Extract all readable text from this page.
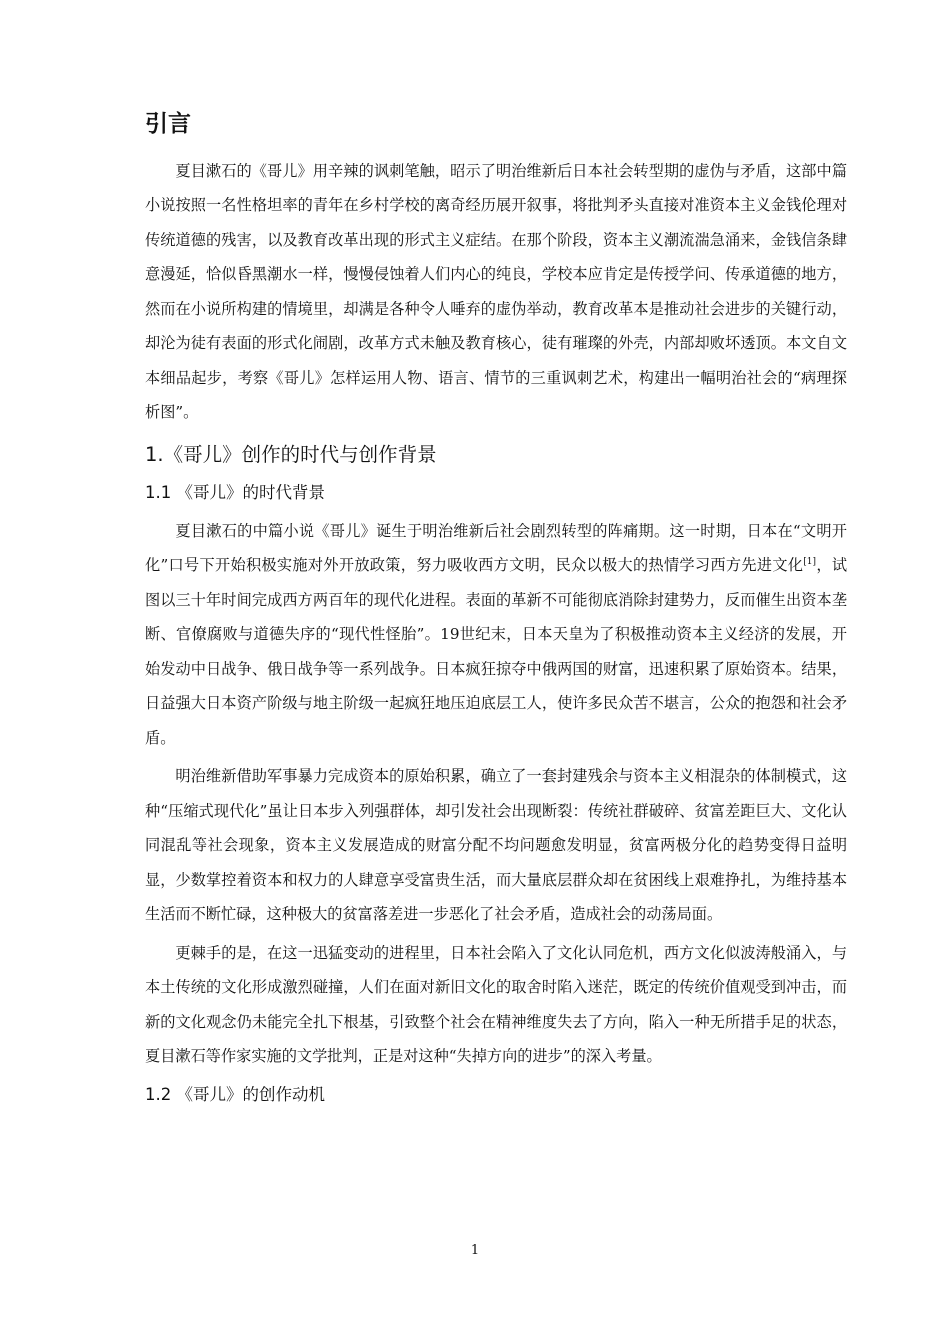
引言

夏目漱石的《哥儿》用辛辣的讽刺笔触，昭示了明治维新后日本社会转型期的虚伪与矛盾，这部中篇小说按照一名性格坦率的青年在乡村学校的离奇经历展开叙事，将批判矛头直接对准资本主义金钱伦理对传统道德的残害，以及教育改革出现的形式主义症结。在那个阶段，资本主义潮流湍急涌来，金钱信条肆意漫延，恰似昏黑潮水一样，慢慢侵蚀着人们内心的纯良，学校本应肯定是传授学问、传承道德的地方，然而在小说所构建的情境里，却满是各种令人唾弃的虚伪举动，教育改革本是推动社会进步的关键行动，却沦为徒有表面的形式化闹剧，改革方式未触及教育核心，徒有璀璨的外壳，内部却败坏透顶。本文自文本细品起步，考察《哥儿》怎样运用人物、语言、情节的三重讽刺艺术，构建出一幅明治社会的“病理探析图”。

1.《哥儿》创作的时代与创作背景
1.1 《哥儿》的时代背景

夏目漱石的中篇小说《哥儿》诞生于明治维新后社会剧烈转型的阵痛期。这一时期，日本在“文明开化”口号下开始积极实施对外开放政策，努力吸收西方文明，民众以极大的热情学习西方先进文化[1]，试图以三十年时间完成西方两百年的现代化进程。表面的革新不可能彻底消除封建势力，反而催生出资本垄断、官僚腐败与道德失序的“现代性怪胎”。19世纪末，日本天皇为了积极推动资本主义经济的发展，开始发动中日战争、俄日战争等一系列战争。日本疯狂掠夺中俄两国的财富，迅速积累了原始资本。结果，日益强大日本资产阶级与地主阶级一起疯狂地压迫底层工人，使许多民众苦不堪言，公众的抱怨和社会矛盾。

明治维新借助军事暴力完成资本的原始积累，确立了一套封建残余与资本主义相混杂的体制模式，这种“压缩式现代化”虽让日本步入列强群体，却引发社会出现断裂：传统社群破碎、贫富差距巨大、文化认同混乱等社会现象，资本主义发展造成的财富分配不均问题愈发明显，贫富两极分化的趋势变得日益明显，少数掌控着资本和权力的人肆意享受富贵生活，而大量底层群众却在贫困线上艰难挣扎，为维持基本生活而不断忙碌，这种极大的贫富落差进一步恶化了社会矛盾，造成社会的动荡局面。

更棘手的是，在这一迅猛变动的进程里，日本社会陷入了文化认同危机，西方文化似波涛般涌入，与本土传统的文化形成激烈碰撞，人们在面对新旧文化的取舍时陷入迷茫，既定的传统价值观受到冲击，而新的文化观念仍未能完全扎下根基，引致整个社会在精神维度失去了方向，陷入一种无所措手足的状态，夏目漱石等作家实施的文学批判，正是对这种“失掉方向的进步”的深入考量。

1.2 《哥儿》的创作动机
1
